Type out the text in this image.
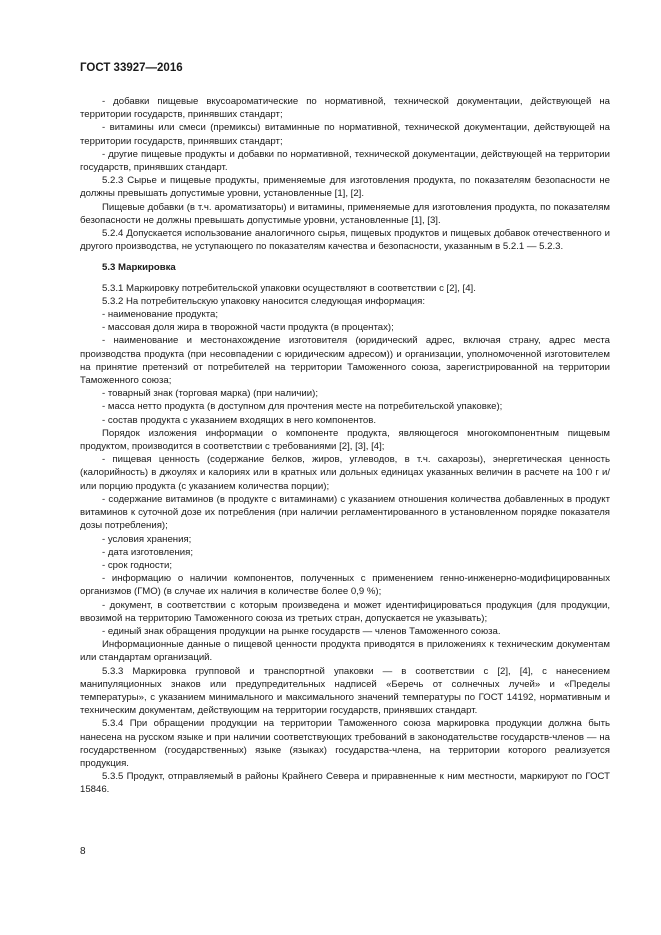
ГОСТ 33927—2016

- добавки пищевые вкусоароматические по нормативной, технической документации, действующей на территории государств, принявших стандарт;

- витамины или смеси (премиксы) витаминные по нормативной, технической документации, действующей на территории государств, принявших стандарт;

- другие пищевые продукты и добавки по нормативной, технической документации, действующей на территории государств, принявших стандарт.

5.2.3 Сырье и пищевые продукты, применяемые для изготовления продукта, по показателям безопасности не должны превышать допустимые уровни, установленные [1], [2].

Пищевые добавки (в т.ч. ароматизаторы) и витамины, применяемые для изготовления продукта, по показателям безопасности не должны превышать допустимые уровни, установленные [1], [3].

5.2.4 Допускается использование аналогичного сырья, пищевых продуктов и пищевых добавок отечественного и другого производства, не уступающего по показателям качества и безопасности, указанным в 5.2.1 — 5.2.3.

5.3 Маркировка

5.3.1 Маркировку потребительской упаковки осуществляют в соответствии с [2], [4].

5.3.2 На потребительскую упаковку наносится следующая информация:

- наименование продукта;

- массовая доля жира в творожной части продукта (в процентах);

- наименование и местонахождение изготовителя (юридический адрес, включая страну, адрес места производства продукта (при несовпадении с юридическим адресом)) и организации, уполномоченной изготовителем на принятие претензий от потребителей на территории Таможенного союза, зарегистрированной на территории Таможенного союза;

- товарный знак (торговая марка) (при наличии);

- масса нетто продукта (в доступном для прочтения месте на потребительской упаковке);

- состав продукта с указанием входящих в него компонентов.

Порядок изложения информации о компоненте продукта, являющегося многокомпонентным пищевым продуктом, производится в соответствии с требованиями [2], [3], [4];

- пищевая ценность (содержание белков, жиров, углеводов, в т.ч. сахарозы), энергетическая ценность (калорийность) в джоулях и калориях или в кратных или дольных единицах указанных величин в расчете на 100 г и/или порцию продукта (с указанием количества порции);

- содержание витаминов (в продукте с витаминами) с указанием отношения количества добавленных в продукт витаминов к суточной дозе их потребления (при наличии регламентированного в установленном порядке показателя дозы потребления);

- условия хранения;

- дата изготовления;

- срок годности;

- информацию о наличии компонентов, полученных с применением генно-инженерно-модифицированных организмов (ГМО) (в случае их наличия в количестве более 0,9 %);

- документ, в соответствии с которым произведена и может идентифицироваться продукция (для продукции, ввозимой на территорию Таможенного союза из третьих стран, допускается не указывать);

- единый знак обращения продукции на рынке государств — членов Таможенного союза.

Информационные данные о пищевой ценности продукта приводятся в приложениях к техническим документам или стандартам организаций.

5.3.3 Маркировка групповой и транспортной упаковки — в соответствии с [2], [4], с нанесением манипуляционных знаков или предупредительных надписей «Беречь от солнечных лучей» и «Пределы температуры», с указанием минимального и максимального значений температуры по ГОСТ 14192, нормативным и техническим документам, действующим на территории государств, принявших стандарт.

5.3.4 При обращении продукции на территории Таможенного союза маркировка продукции должна быть нанесена на русском языке и при наличии соответствующих требований в законодательстве государств-членов — на государственном (государственных) языке (языках) государства-члена, на территории которого реализуется продукция.

5.3.5 Продукт, отправляемый в районы Крайнего Севера и приравненные к ним местности, маркируют по ГОСТ 15846.

8
